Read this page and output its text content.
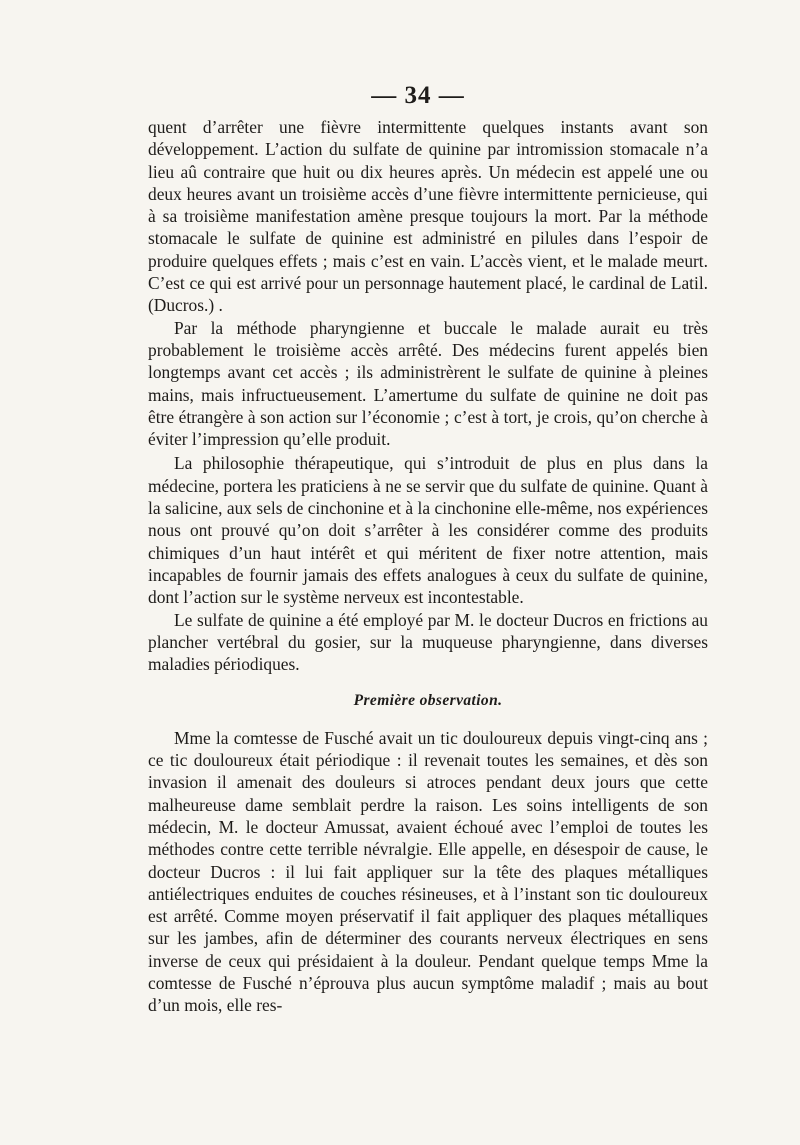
— 34 —

quent d’arrêter une fièvre intermittente quelques instants avant son développement. L’action du sulfate de quinine par intromission stomacale n’a lieu aû contraire que huit ou dix heures après. Un médecin est appelé une ou deux heures avant un troisième accès d’une fièvre intermittente pernicieuse, qui à sa troisième manifestation amène presque toujours la mort. Par la méthode stomacale le sulfate de quinine est administré en pilules dans l’espoir de produire quelques effets ; mais c’est en vain. L’accès vient, et le malade meurt. C’est ce qui est arrivé pour un personnage hautement placé, le cardinal de Latil. (Ducros.) .

Par la méthode pharyngienne et buccale le malade aurait eu très probablement le troisième accès arrêté. Des médecins furent appelés bien longtemps avant cet accès ; ils administrèrent le sulfate de quinine à pleines mains, mais infructueusement. L’amertume du sulfate de quinine ne doit pas être étrangère à son action sur l’économie ; c’est à tort, je crois, qu’on cherche à éviter l’impression qu’elle produit.

La philosophie thérapeutique, qui s’introduit de plus en plus dans la médecine, portera les praticiens à ne se servir que du sulfate de quinine. Quant à la salicine, aux sels de cinchonine et à la cinchonine elle-même, nos expériences nous ont prouvé qu’on doit s’arrêter à les considérer comme des produits chimiques d’un haut intérêt et qui méritent de fixer notre attention, mais incapables de fournir jamais des effets analogues à ceux du sulfate de quinine, dont l’action sur le système nerveux est incontestable.

Le sulfate de quinine a été employé par M. le docteur Ducros en frictions au plancher vertébral du gosier, sur la muqueuse pharyngienne, dans diverses maladies périodiques.

Première observation.

Mme la comtesse de Fusché avait un tic douloureux depuis vingt-cinq ans ; ce tic douloureux était périodique : il revenait toutes les semaines, et dès son invasion il amenait des douleurs si atroces pendant deux jours que cette malheureuse dame semblait perdre la raison. Les soins intelligents de son médecin, M. le docteur Amussat, avaient échoué avec l’emploi de toutes les méthodes contre cette terrible névralgie. Elle appelle, en désespoir de cause, le docteur Ducros : il lui fait appliquer sur la tête des plaques métalliques antiélectriques enduites de couches résineuses, et à l’instant son tic douloureux est arrêté. Comme moyen préservatif il fait appliquer des plaques métalliques sur les jambes, afin de déterminer des courants nerveux électriques en sens inverse de ceux qui présidaient à la douleur. Pendant quelque temps Mme la comtesse de Fusché n’éprouva plus aucun symptôme maladif ; mais au bout d’un mois, elle res-
